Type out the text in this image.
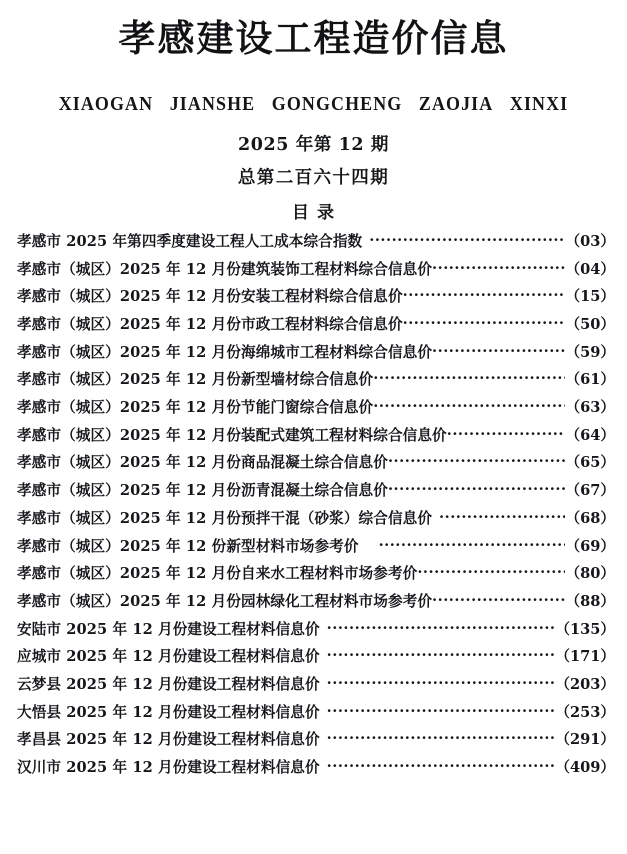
孝感建设工程造价信息
XIAOGAN JIANSHE GONGCHENG ZAOJIA XINXI
2025 年第 12 期
总第二百六十四期
目 录
孝感市 2025 年第四季度建设工程人工成本综合指数 ·····	（03）
孝感市（城区）2025 年 12 月份建筑装饰工程材料综合信息价 ·····	（04）
孝感市（城区）2025 年 12 月份安装工程材料综合信息价 ·····	（15）
孝感市（城区）2025 年 12 月份市政工程材料综合信息价 ·····	（50）
孝感市（城区）2025 年 12 月份海绵城市工程材料综合信息价 ·····	（59）
孝感市（城区）2025 年 12 月份新型墙材综合信息价 ·····	（61）
孝感市（城区）2025 年 12 月份节能门窗综合信息价 ·····	（63）
孝感市（城区）2025 年 12 月份装配式建筑工程材料综合信息价 ·····	（64）
孝感市（城区）2025 年 12 月份商品混凝土综合信息价 ·····	（65）
孝感市（城区）2025 年 12 月份沥青混凝土综合信息价 ·····	（67）
孝感市（城区）2025 年 12 月份预拌干混（砂浆）综合信息价 ·····	（68）
孝感市（城区）2025 年 12 份新型材料市场参考价 ·····	（69）
孝感市（城区）2025 年 12 月份自来水工程材料市场参考价 ·····	（80）
孝感市（城区）2025 年 12 月份园林绿化工程材料市场参考价 ·····	（88）
安陆市 2025 年 12 月份建设工程材料信息价 ·····	（135）
应城市 2025 年 12 月份建设工程材料信息价 ·····	（171）
云梦县 2025 年 12 月份建设工程材料信息价 ·····	（203）
大悟县 2025 年 12 月份建设工程材料信息价 ·····	（253）
孝昌县 2025 年 12 月份建设工程材料信息价 ·····	（291）
汉川市 2025 年 12 月份建设工程材料信息价 ·····	（409）
